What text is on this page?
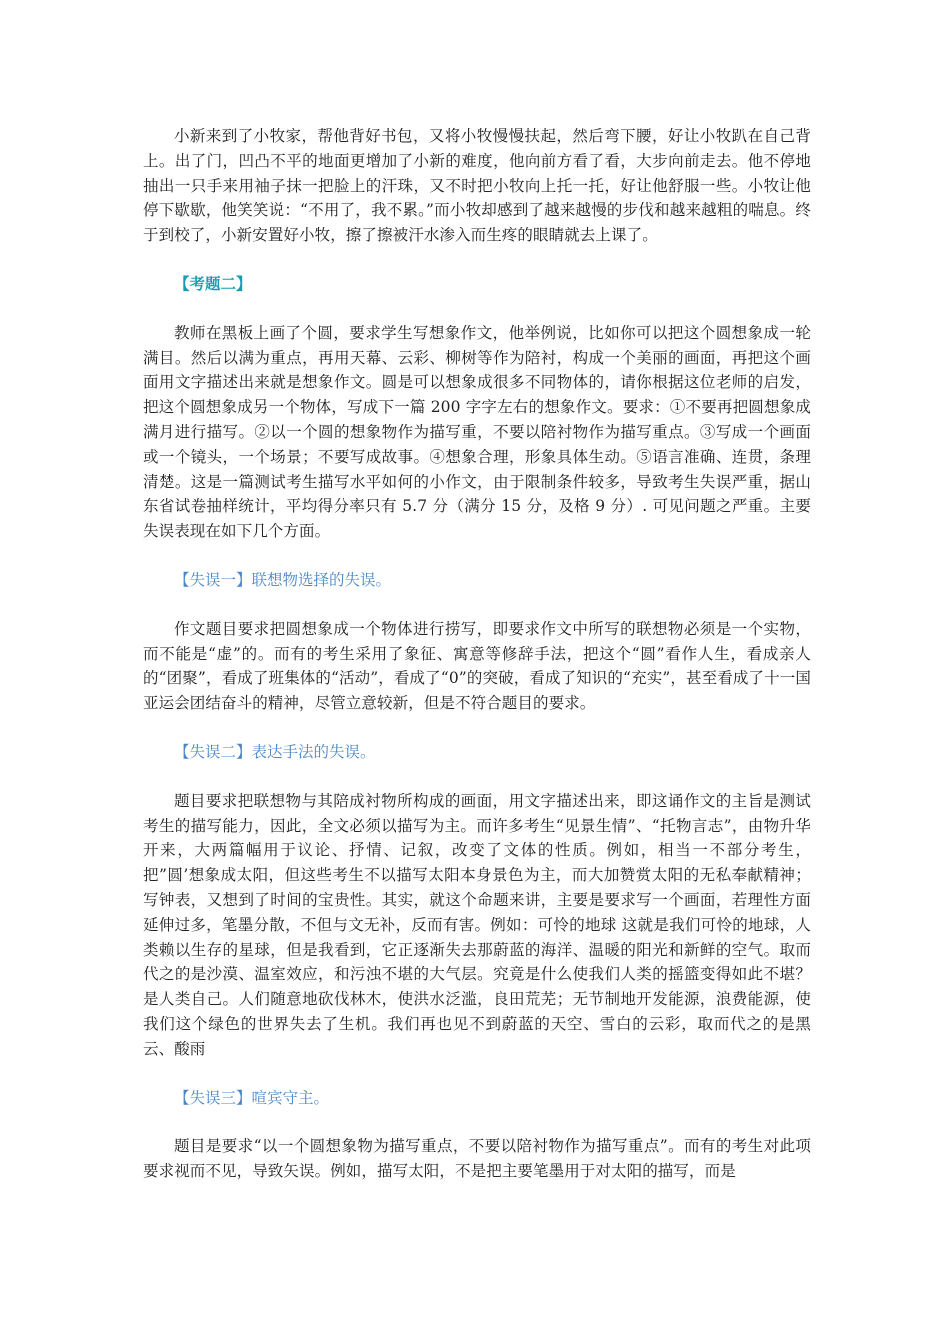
小新来到了小牧家，帮他背好书包，又将小牧慢慢扶起，然后弯下腰，好让小牧趴在自己背上。出了门，凹凸不平的地面更增加了小新的难度，他向前方看了看，大步向前走去。他不停地抽出一只手来用袖子抹一把脸上的汗珠，又不时把小牧向上托一托，好让他舒服一些。小牧让他停下歇歇，他笑笑说：“不用了，我不累。”而小牧却感到了越来越慢的步伐和越来越粗的喘息。终于到校了，小新安置好小牧，擦了擦被汗水渗入而生疼的眼睛就去上课了。

【考题二】

教师在黑板上画了个圆，要求学生写想象作文，他举例说，比如你可以把这个圆想象成一轮满目。然后以满为重点，再用天幕、云彩、柳树等作为陪衬，构成一个美丽的画面，再把这个画面用文字描述出来就是想象作文。圆是可以想象成很多不同物体的，请你根据这位老师的启发，把这个圆想象成另一个物体，写成下一篇 200 字字左右的想象作文。要求：①不要再把圆想象成满月进行描写。②以一个圆的想象物作为描写重，不要以陪衬物作为描写重点。③写成一个画面或一个镜头，一个场景；不要写成故事。④想象合理，形象具体生动。⑤语言准确、连贯，条理清楚。这是一篇测试考生描写水平如何的小作文，由于限制条件较多，导致考生失误严重，据山东省试卷抽样统计，平均得分率只有 5.7 分（满分 15 分，及格 9 分）. 可见问题之严重。主要失误表现在如下几个方面。

【失误一】联想物选择的失误。

作文题目要求把圆想象成一个物体进行捞写，即要求作文中所写的联想物必须是一个实物，而不能是“虚”的。而有的考生采用了象征、寓意等修辞手法，把这个“圆”看作人生，看成亲人的“团聚”，看成了班集体的“活动”，看成了“0”的突破，看成了知识的“充实”，甚至看成了十一国亚运会团结奋斗的精神，尽管立意较新，但是不符合题目的要求。

【失误二】表达手法的失误。

题目要求把联想物与其陪成衬物所构成的画面，用文字描述出来，即这诵作文的主旨是测试考生的描写能力，因此，全文必须以描写为主。而许多考生“见景生情”、“托物言志”，由物升华开来，大两篇幅用于议论、抒情、记叙，改变了文体的性质。例如，相当一不部分考生，把”圆’想象成太阳，但这些考生不以描写太阳本身景色为主，而大加赞赏太阳的无私奉献精神；写钟表，又想到了时间的宝贵性。其实，就这个命题来讲，主要是要求写一个画面，若理性方面延伸过多，笔墨分散，不但与文无补，反而有害。例如：可怜的地球 这就是我们可怜的地球，人类赖以生存的星球，但是我看到，它正逐渐失去那蔚蓝的海洋、温暖的阳光和新鲜的空气。取而代之的是沙漠、温室效应，和污浊不堪的大气层。究竟是什么使我们人类的摇篮变得如此不堪？是人类自己。人们随意地砍伐林木，使洪水泛滥，良田荒芜；无节制地开发能源，浪费能源，使我们这个绿色的世界失去了生机。我们再也见不到蔚蓝的天空、雪白的云彩，取而代之的是黑云、酸雨

【失误三】喧宾守主。

题目是要求“以一个圆想象物为描写重点，不要以陪衬物作为描写重点”。而有的考生对此项要求视而不见，导致矢误。例如，描写太阳，不是把主要笔墨用于对太阳的描写，而是
